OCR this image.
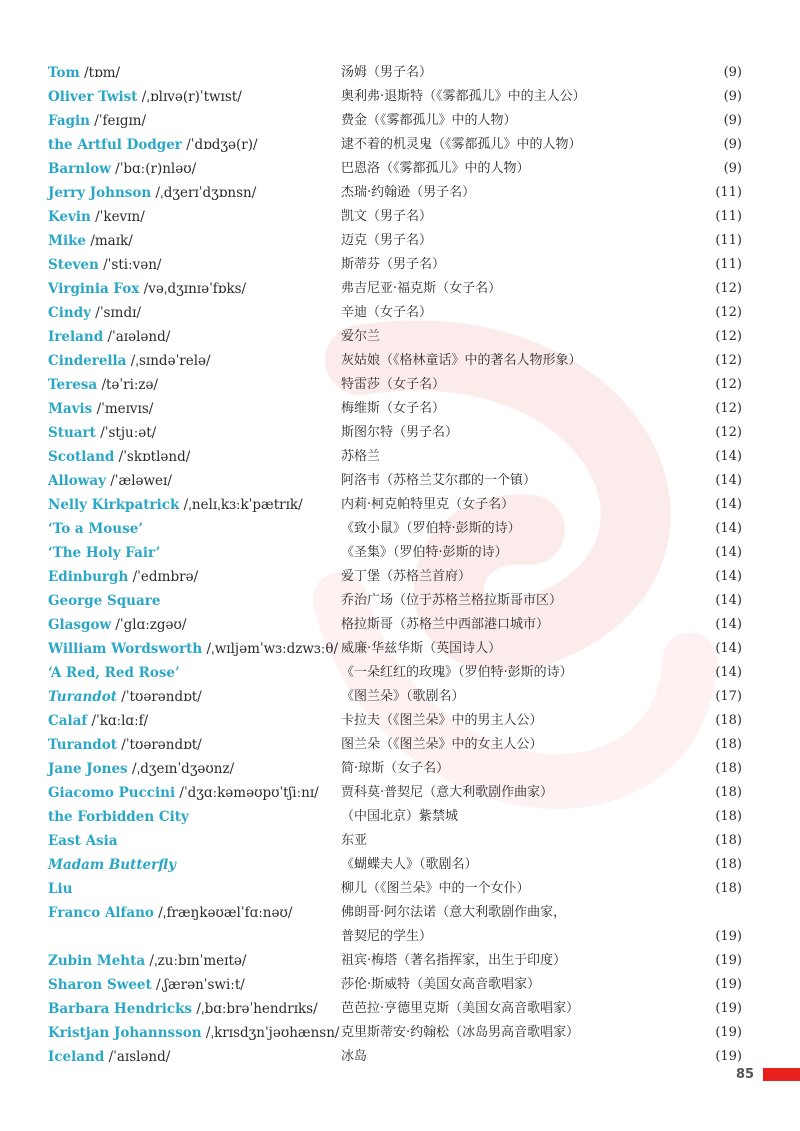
Tom /tɒm/	汤姆（男子名）	(9)
Oliver Twist /ˌɒlɪvə(r)ˈtwɪst/	奥利弗·退斯特（《雾都孤儿》中的主人公）	(9)
Fagin /ˈfeɪgɪn/	费金（《雾都孤儿》中的人物）	(9)
the Artful Dodger /ˈdɒdʒə(r)/	逮不着的机灵鬼（《雾都孤儿》中的人物）	(9)
Barnlow /ˈbɑː(r)nləʊ/	巴恩洛（《雾都孤儿》中的人物）	(9)
Jerry Johnson /ˌdʒerɪˈdʒɒnsn/	杰瑞·约翰逊（男子名）	(11)
Kevin /ˈkevɪn/	凯文（男子名）	(11)
Mike /maɪk/	迈克（男子名）	(11)
Steven /ˈstiːvən/	斯蒂芬（男子名）	(11)
Virginia Fox /vəˌdʒɪnɪəˈfɒks/	弗吉尼亚·福克斯（女子名）	(12)
Cindy /ˈsɪndɪ/	辛迪（女子名）	(12)
Ireland /ˈaɪələnd/	爱尔兰	(12)
Cinderella /ˌsɪndəˈrelə/	灰姑娘（《格林童话》中的著名人物形象）	(12)
Teresa /təˈriːzə/	特雷莎（女子名）	(12)
Mavis /ˈmeɪvɪs/	梅维斯（女子名）	(12)
Stuart /ˈstjuːət/	斯图尔特（男子名）	(12)
Scotland /ˈskɒtlənd/	苏格兰	(14)
Alloway /ˈæləweɪ/	阿洛韦（苏格兰艾尔郡的一个镇）	(14)
Nelly Kirkpatrick /ˌnelɪˌkɜːkˈpætrɪk/	内莉·柯克帕特里克（女子名）	(14)
‘To a Mouse’	《致小鼠》（罗伯特·彭斯的诗）	(14)
‘The Holy Fair’	《圣集》（罗伯特·彭斯的诗）	(14)
Edinburgh /ˈedɪnbrə/	爱丁堡（苏格兰首府）	(14)
George Square	乔治广场（位于苏格兰格拉斯哥市区）	(14)
Glasgow /ˈglɑːzgəʊ/	格拉斯哥（苏格兰中西部港口城市）	(14)
William Wordsworth /ˌwɪljəmˈwɜːdzwɜːθ/ 威廉·华兹华斯（英国诗人）	(14)
‘A Red, Red Rose’	《一朵红红的玫瑰》（罗伯特·彭斯的诗）	(14)
Turandot /ˈtʊərəndɒt/	《图兰朵》（歌剧名）	(17)
Calaf /ˈkɑːlɑːf/	卡拉夫（《图兰朵》中的男主人公）	(18)
Turandot /ˈtʊərəndɒt/	图兰朵（《图兰朵》中的女主人公）	(18)
Jane Jones /ˌdʒeɪnˈdʒəʊnz/	简·琼斯（女子名）	(18)
Giacomo Puccini /ˈdʒɑːkəməʊpʊˈtʃiːnɪ/ 贾科莫·普契尼（意大利歌剧作曲家）	(18)
the Forbidden City	（中国北京）紫禁城	(18)
East Asia	东亚	(18)
Madam Butterfly	《蝴蝶夫人》（歌剧名）	(18)
Liu	柳儿（《图兰朵》中的一个女仆）	(18)
Franco Alfano /ˌfræŋkəʊælˈfɑːnəʊ/	佛朗哥·阿尔法诺（意大利歌剧作曲家，
普契尼的学生）	(19)
Zubin Mehta /ˌzuːbɪnˈmeɪtə/	祖宾·梅塔（著名指挥家，出生于印度）	(19)
Sharon Sweet /ˌʃærənˈswiːt/	莎伦·斯威特（美国女高音歌唱家）	(19)
Barbara Hendricks /ˌbɑːbrəˈhendrɪks/ 芭芭拉·亨德里克斯（美国女高音歌唱家）	(19)
Kristjan Johannsson /ˌkrɪsdʒnˈjəʊhænsn/ 克里斯蒂安·约翰松（冰岛男高音歌唱家）	(19)
Iceland /ˈaɪslənd/	冰岛	(19)
85
